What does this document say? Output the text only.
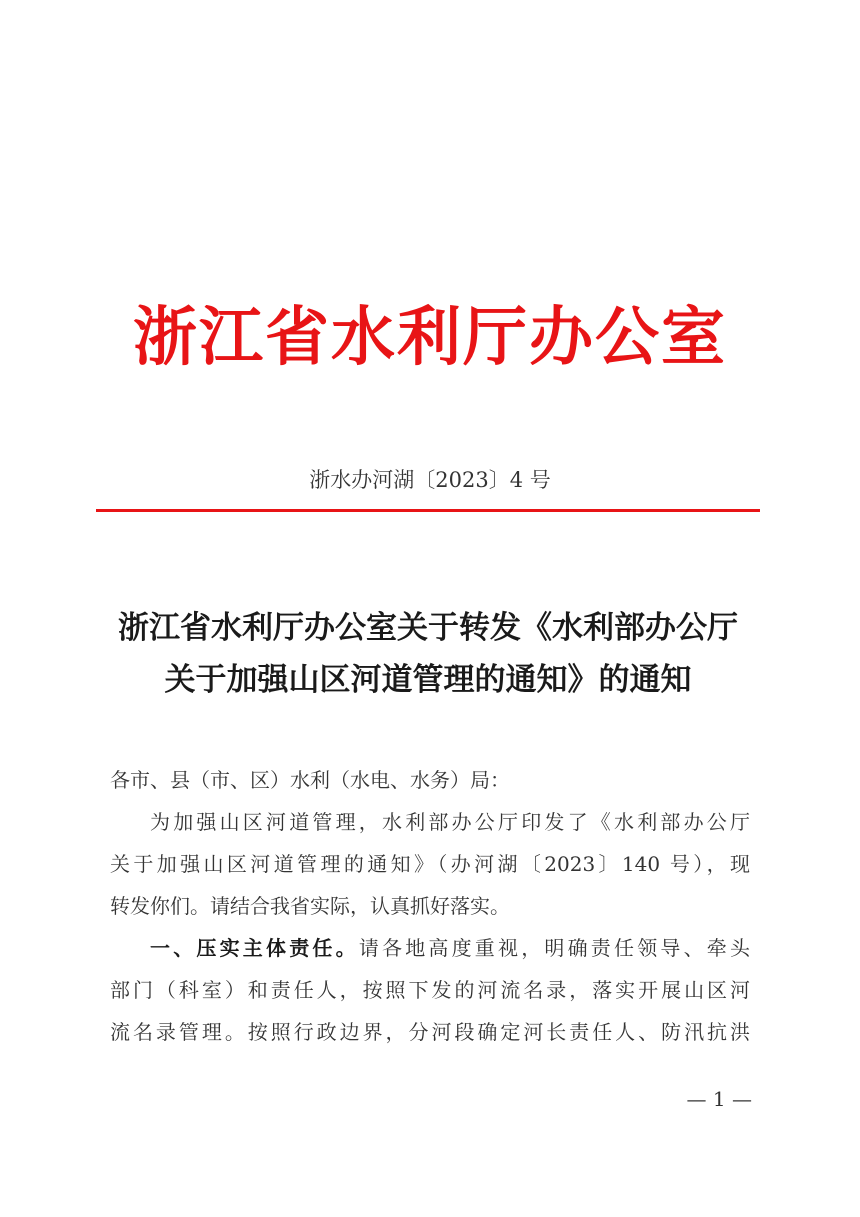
浙江省水利厅办公室
浙水办河湖〔2023〕4 号
浙江省水利厅办公室关于转发《水利部办公厅
关于加强山区河道管理的通知》的通知
各市、县（市、区）水利（水电、水务）局：
为加强山区河道管理，水利部办公厅印发了《水利部办公厅
关于加强山区河道管理的通知》（办河湖〔2023〕140 号），现
转发你们。请结合我省实际，认真抓好落实。
一、压实主体责任。请各地高度重视，明确责任领导、牵头
部门（科室）和责任人，按照下发的河流名录，落实开展山区河
流名录管理。按照行政边界，分河段确定河长责任人、防汛抗洪
— 1 —
